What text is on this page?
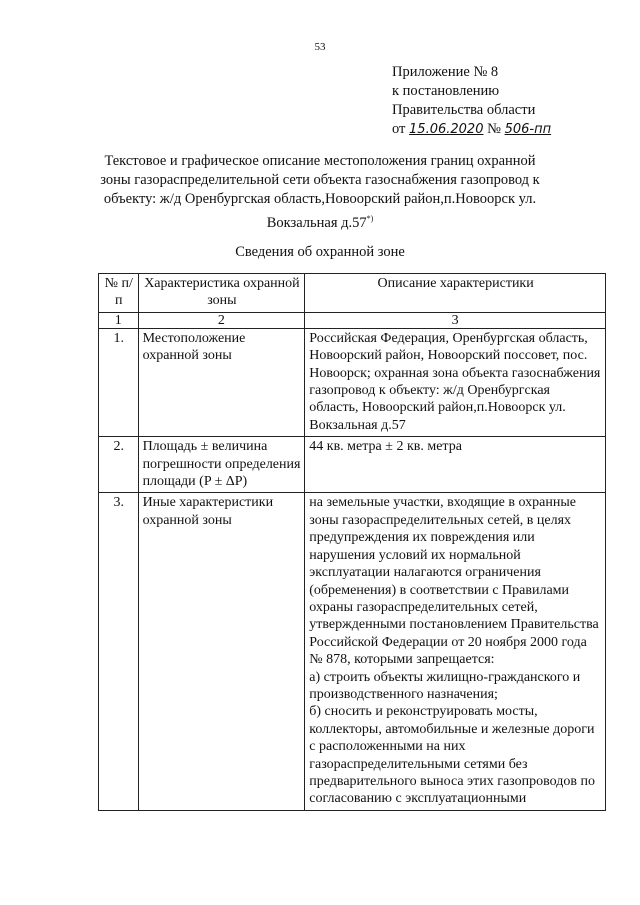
53
Приложение № 8
к постановлению
Правительства области
от 15.06.2020 № 506-пп
Текстовое и графическое описание местоположения границ охранной зоны газораспределительной сети объекта газоснабжения газопровод к объекту: ж/д Оренбургская область,Новоорский район,п.Новоорск ул. Вокзальная д.57*)
Сведения об охранной зоне
№ п/п	Характеристика охранной зоны	Описание характеристики
1	2	3
1.	Местоположение охранной зоны	Российская Федерация, Оренбургская область, Новоорский район, Новоорский поссовет, пос. Новоорск; охранная зона объекта газоснабжения газопровод к объекту: ж/д Оренбургская область, Новоорский район,п.Новоорск ул. Вокзальная д.57
2.	Площадь ± величина погрешности определения площади (P ± ΔP)	44 кв. метра ± 2 кв. метра
3.	Иные характеристики охранной зоны	на земельные участки, входящие в охранные зоны газораспределительных сетей, в целях предупреждения их повреждения или нарушения условий их нормальной эксплуатации налагаются ограничения (обременения) в соответствии с Правилами охраны газораспределительных сетей, утвержденными постановлением Правительства Российской Федерации от 20 ноября 2000 года № 878, которыми запрещается:
а) строить объекты жилищно-гражданского и производственного назначения;
б) сносить и реконструировать мосты, коллекторы, автомобильные и железные дороги с расположенными на них газораспределительными сетями без предварительного выноса этих газопроводов по согласованию с эксплуатационными
